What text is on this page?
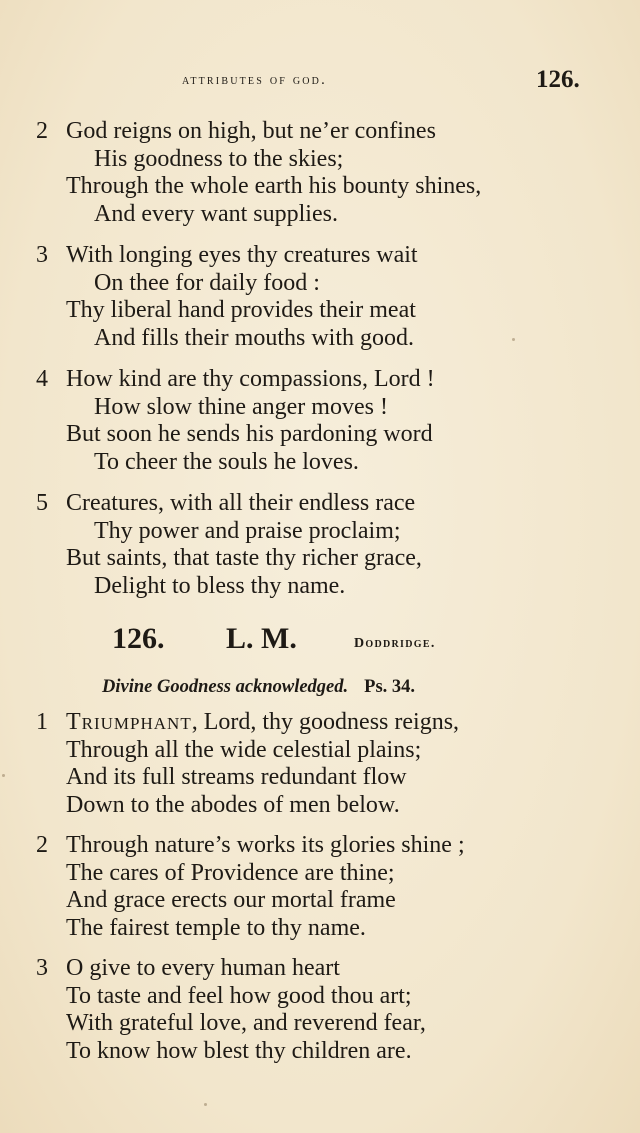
attributes of god.	126.
2 God reigns on high, but ne’er confines
His goodness to the skies;
Through the whole earth his bounty shines,
And every want supplies.
3 With longing eyes thy creatures wait
On thee for daily food :
Thy liberal hand provides their meat
And fills their mouths with good.
4 How kind are thy compassions, Lord !
How slow thine anger moves !
But soon he sends his pardoning word
To cheer the souls he loves.
5 Creatures, with all their endless race
Thy power and praise proclaim;
But saints, that taste thy richer grace,
Delight to bless thy name.
126. L. M.	Doddridge.
Divine Goodness acknowledged. Ps. 34.
1 Triumphant, Lord, thy goodness reigns,
Through all the wide celestial plains;
And its full streams redundant flow
Down to the abodes of men below.
2 Through nature’s works its glories shine ;
The cares of Providence are thine;
And grace erects our mortal frame
The fairest temple to thy name.
3 O give to every human heart
To taste and feel how good thou art;
With grateful love, and reverend fear,
To know how blest thy children are.
